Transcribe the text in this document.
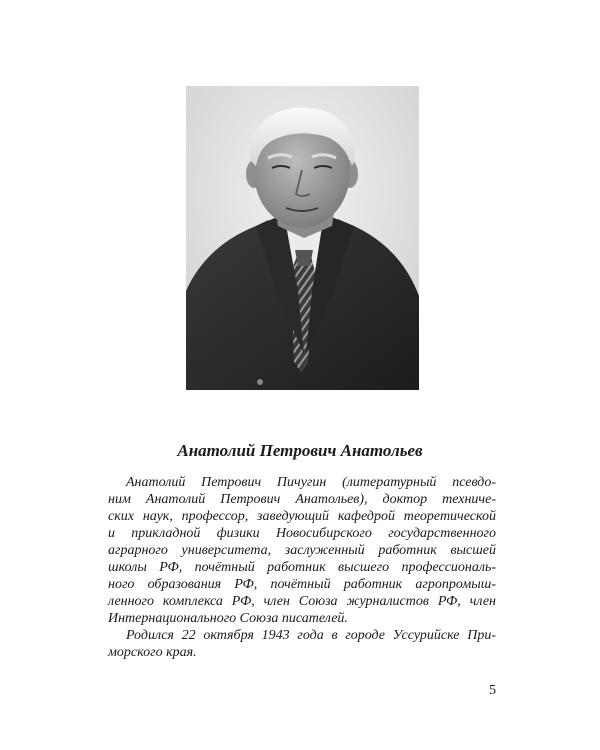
Анатолий Петрович Анатольев
Анатолий Петрович Пичугин (литературный псевдо-
ним Анатолий Петрович Анатольев), доктор техниче-
ских наук, профессор, заведующий кафедрой теоретической
и прикладной физики Новосибирского государственного
аграрного университета, заслуженный работник высшей
школы РФ, почётный работник высшего профессиональ-
ного образования РФ, почётный работник агропромыш-
ленного комплекса РФ, член Союза журналистов РФ, член
Интернационального Союза писателей.
Родился 22 октября 1943 года в городе Уссурийске При-
морского края.
5
